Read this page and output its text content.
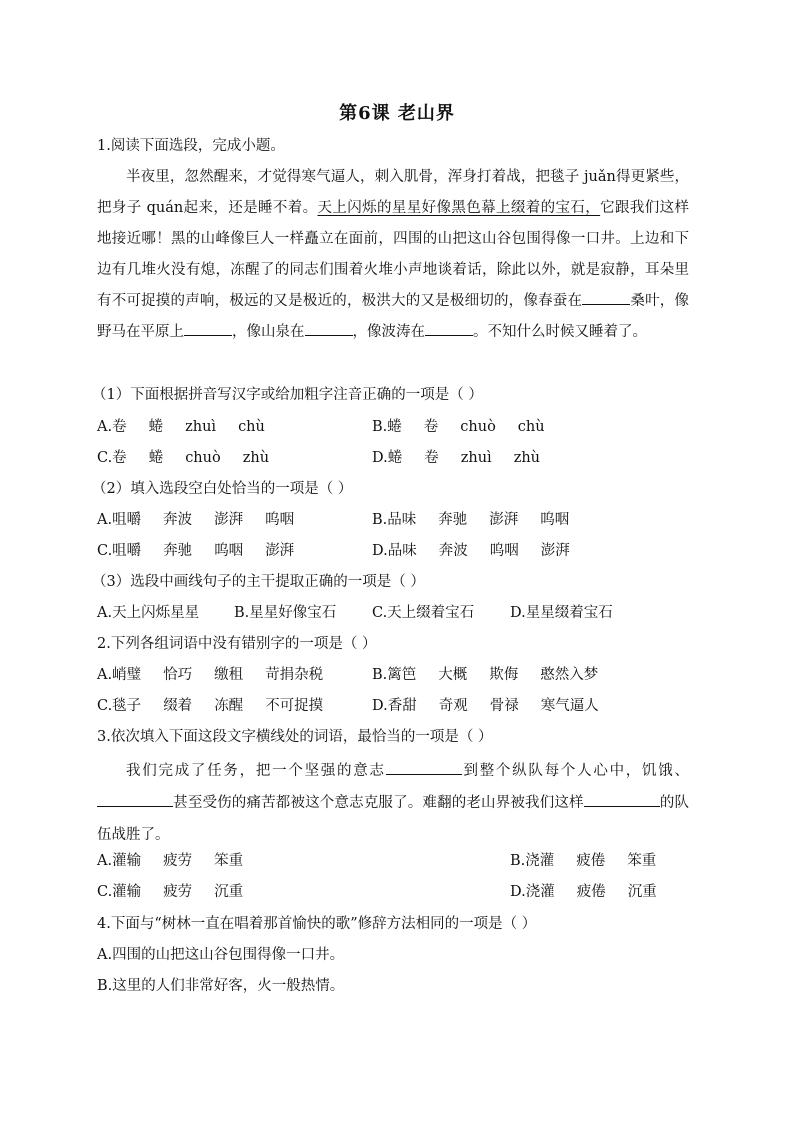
第6课 老山界
1.阅读下面选段，完成小题。
半夜里，忽然醒来，才觉得寒气逼人，刺入肌骨，浑身打着战，把毯子 juǎn得更紧些，把身子 quán起来，还是睡不着。天上闪烁的星星好像黑色幕上缀着的宝石，它跟我们这样地接近哪！黑的山峰像巨人一样矗立在面前，四围的山把这山谷包围得像一口井。上边和下边有几堆火没有熄，冻醒了的同志们围着火堆小声地谈着话，除此以外，就是寂静，耳朵里有不可捉摸的声响，极远的又是极近的，极洪大的又是极细切的，像春蚕在	桑叶，像野马在平原上	，像山泉在	，像波涛在	。不知什么时候又睡着了。
（1）下面根据拼音写汉字或给加粗字注音正确的一项是（ ）
A.卷 蜷 zhuì chù	B.蜷 卷 chuò chù
C.卷 蜷 chuò zhù	D.蜷 卷 zhuì zhù
（2）填入选段空白处恰当的一项是（ ）
A.咀嚼 奔波 澎湃 呜咽	B.品味 奔驰 澎湃 呜咽
C.咀嚼 奔驰 呜咽 澎湃	D.品味 奔波 呜咽 澎湃
（3）选段中画线句子的主干提取正确的一项是（ ）
A.天上闪烁星星 B.星星好像宝石 C.天上缀着宝石 D.星星缀着宝石
2.下列各组词语中没有错别字的一项是（ ）
A.峭璧 恰巧 缴租 苛捐杂税	B.篱笆 大概 欺侮 憨然入梦
C.毯子 缀着 冻醒 不可捉摸	D.香甜 奇观 骨禄 寒气逼人
3.依次填入下面这段文字横线处的词语，最恰当的一项是（ ）
我们完成了任务，把一个坚强的意志	到整个纵队每个人心中，饥饿、甚至受伤的痛苦都被这个意志克服了。难翻的老山界被我们这样	的队伍战胜了。
A.灌输 疲劳 笨重	B.浇灌 疲倦 笨重
C.灌输 疲劳 沉重	D.浇灌 疲倦 沉重
4.下面与“树林一直在唱着那首愉快的歌”修辞方法相同的一项是（ ）
A.四围的山把这山谷包围得像一口井。
B.这里的人们非常好客，火一般热情。
